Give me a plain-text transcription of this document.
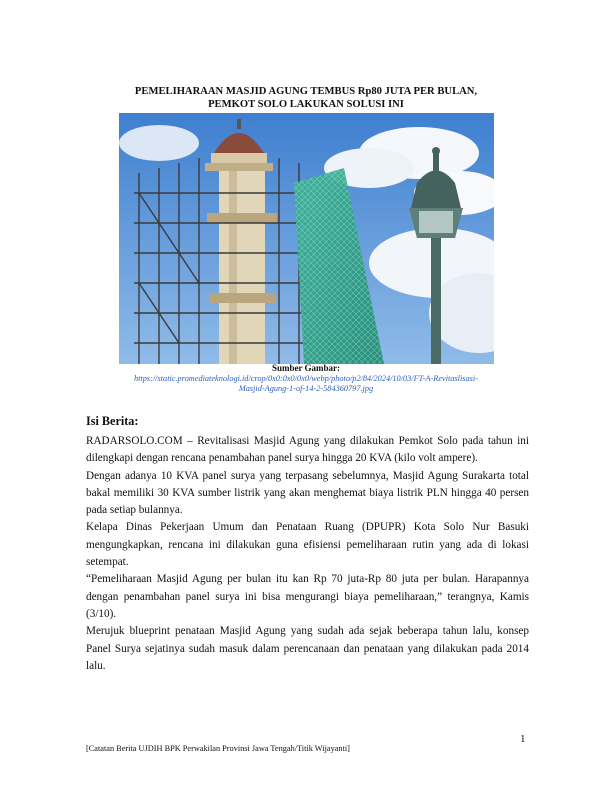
PEMELIHARAAN MASJID AGUNG TEMBUS Rp80 JUTA PER BULAN,
PEMKOT SOLO LAKUKAN SOLUSI INI
Sumber Gambar:
https://static.promediateknologi.id/crop/0x0:0x0/0x0/webp/photo/p2/84/2024/10/03/FT-A-Revitaslisasi-
Masjid-Agung-1-of-14-2-584360797.jpg
Isi Berita:

RADARSOLO.COM – Revitalisasi Masjid Agung yang dilakukan Pemkot Solo pada tahun ini dilengkapi dengan rencana penambahan panel surya hingga 20 KVA (kilo volt ampere).

Dengan adanya 10 KVA panel surya yang terpasang sebelumnya, Masjid Agung Surakarta total bakal memiliki 30 KVA sumber listrik yang akan menghemat biaya listrik PLN hingga 40 persen pada setiap bulannya.

Kelapa Dinas Pekerjaan Umum dan Penataan Ruang (DPUPR) Kota Solo Nur Basuki mengungkapkan, rencana ini dilakukan guna efisiensi pemeliharaan rutin yang ada di lokasi setempat.

“Pemeliharaan Masjid Agung per bulan itu kan Rp 70 juta-Rp 80 juta per bulan. Harapannya dengan penambahan panel surya ini bisa mengurangi biaya pemeliharaan,” terangnya, Kamis (3/10).

Merujuk blueprint penataan Masjid Agung yang sudah ada sejak beberapa tahun lalu, konsep Panel Surya sejatinya sudah masuk dalam perencanaan dan penataan yang dilakukan pada 2014 lalu.

1
[Catatan Berita UJDIH BPK Perwakilan Provinsi Jawa Tengah/Titik Wijayanti]
